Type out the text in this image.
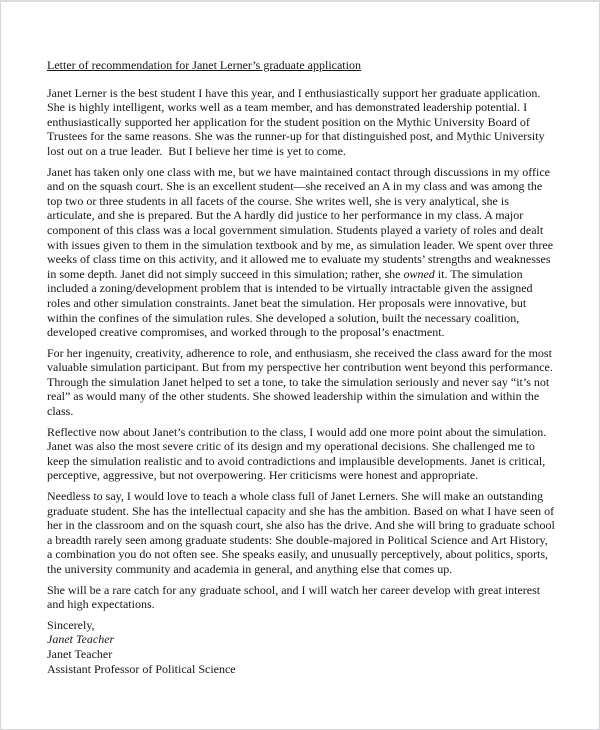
Letter of recommendation for Janet Lerner’s graduate application

Janet Lerner is the best student I have this year, and I enthusiastically support her graduate application. She is highly intelligent, works well as a team member, and has demonstrated leadership potential. I enthusiastically supported her application for the student position on the Mythic University Board of Trustees for the same reasons. She was the runner-up for that distinguished post, and Mythic University lost out on a true leader.  But I believe her time is yet to come.

Janet has taken only one class with me, but we have maintained contact through discussions in my office and on the squash court. She is an excellent student—she received an A in my class and was among the top two or three students in all facets of the course. She writes well, she is very analytical, she is articulate, and she is prepared. But the A hardly did justice to her performance in my class. A major component of this class was a local government simulation. Students played a variety of roles and dealt with issues given to them in the simulation textbook and by me, as simulation leader. We spent over three weeks of class time on this activity, and it allowed me to evaluate my students’ strengths and weaknesses in some depth. Janet did not simply succeed in this simulation; rather, she owned it. The simulation included a zoning/development problem that is intended to be virtually intractable given the assigned roles and other simulation constraints. Janet beat the simulation. Her proposals were innovative, but within the confines of the simulation rules. She developed a solution, built the necessary coalition, developed creative compromises, and worked through to the proposal’s enactment.

For her ingenuity, creativity, adherence to role, and enthusiasm, she received the class award for the most valuable simulation participant. But from my perspective her contribution went beyond this performance. Through the simulation Janet helped to set a tone, to take the simulation seriously and never say “it’s not real” as would many of the other students. She showed leadership within the simulation and within the class.

Reflective now about Janet’s contribution to the class, I would add one more point about the simulation. Janet was also the most severe critic of its design and my operational decisions. She challenged me to keep the simulation realistic and to avoid contradictions and implausible developments. Janet is critical, perceptive, aggressive, but not overpowering. Her criticisms were honest and appropriate.

Needless to say, I would love to teach a whole class full of Janet Lerners. She will make an outstanding graduate student. She has the intellectual capacity and she has the ambition. Based on what I have seen of her in the classroom and on the squash court, she also has the drive. And she will bring to graduate school a breadth rarely seen among graduate students: She double-majored in Political Science and Art History, a combination you do not often see. She speaks easily, and unusually perceptively, about politics, sports, the university community and academia in general, and anything else that comes up.

She will be a rare catch for any graduate school, and I will watch her career develop with great interest and high expectations.

Sincerely,

Janet Teacher

Janet Teacher

Assistant Professor of Political Science
